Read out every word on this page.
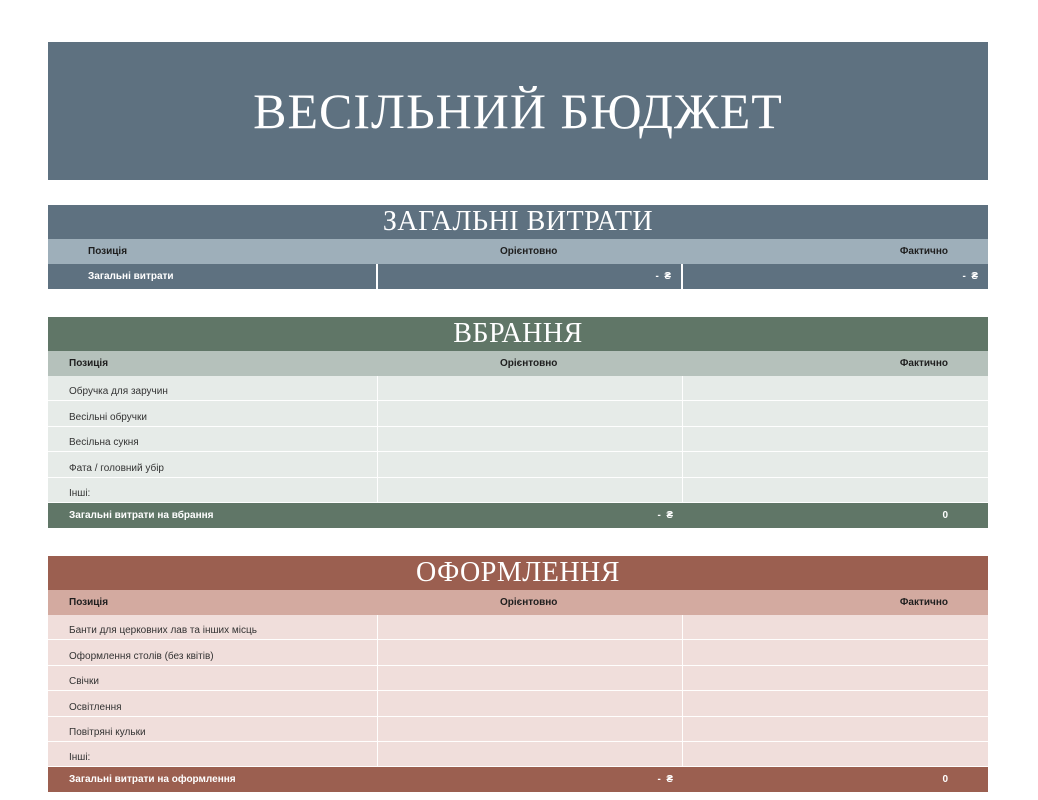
ВЕСІЛЬНИЙ БЮДЖЕТ
ЗАГАЛЬНІ ВИТРАТИ
Позиція	Орієнтовно	Фактично
Загальні витрати	-  ₴	-  ₴
ВБРАННЯ
Позиція	Орієнтовно	Фактично
Обручка для заручин
Весільні обручки
Весільна сукня
Фата / головний убір
Інші:
Загальні витрати на вбрання	-  ₴	0
ОФОРМЛЕННЯ
Позиція	Орієнтовно	Фактично
Банти для церковних лав та інших місць
Оформлення столів (без квітів)
Свічки
Освітлення
Повітряні кульки
Інші:
Загальні витрати на оформлення	-  ₴	0
